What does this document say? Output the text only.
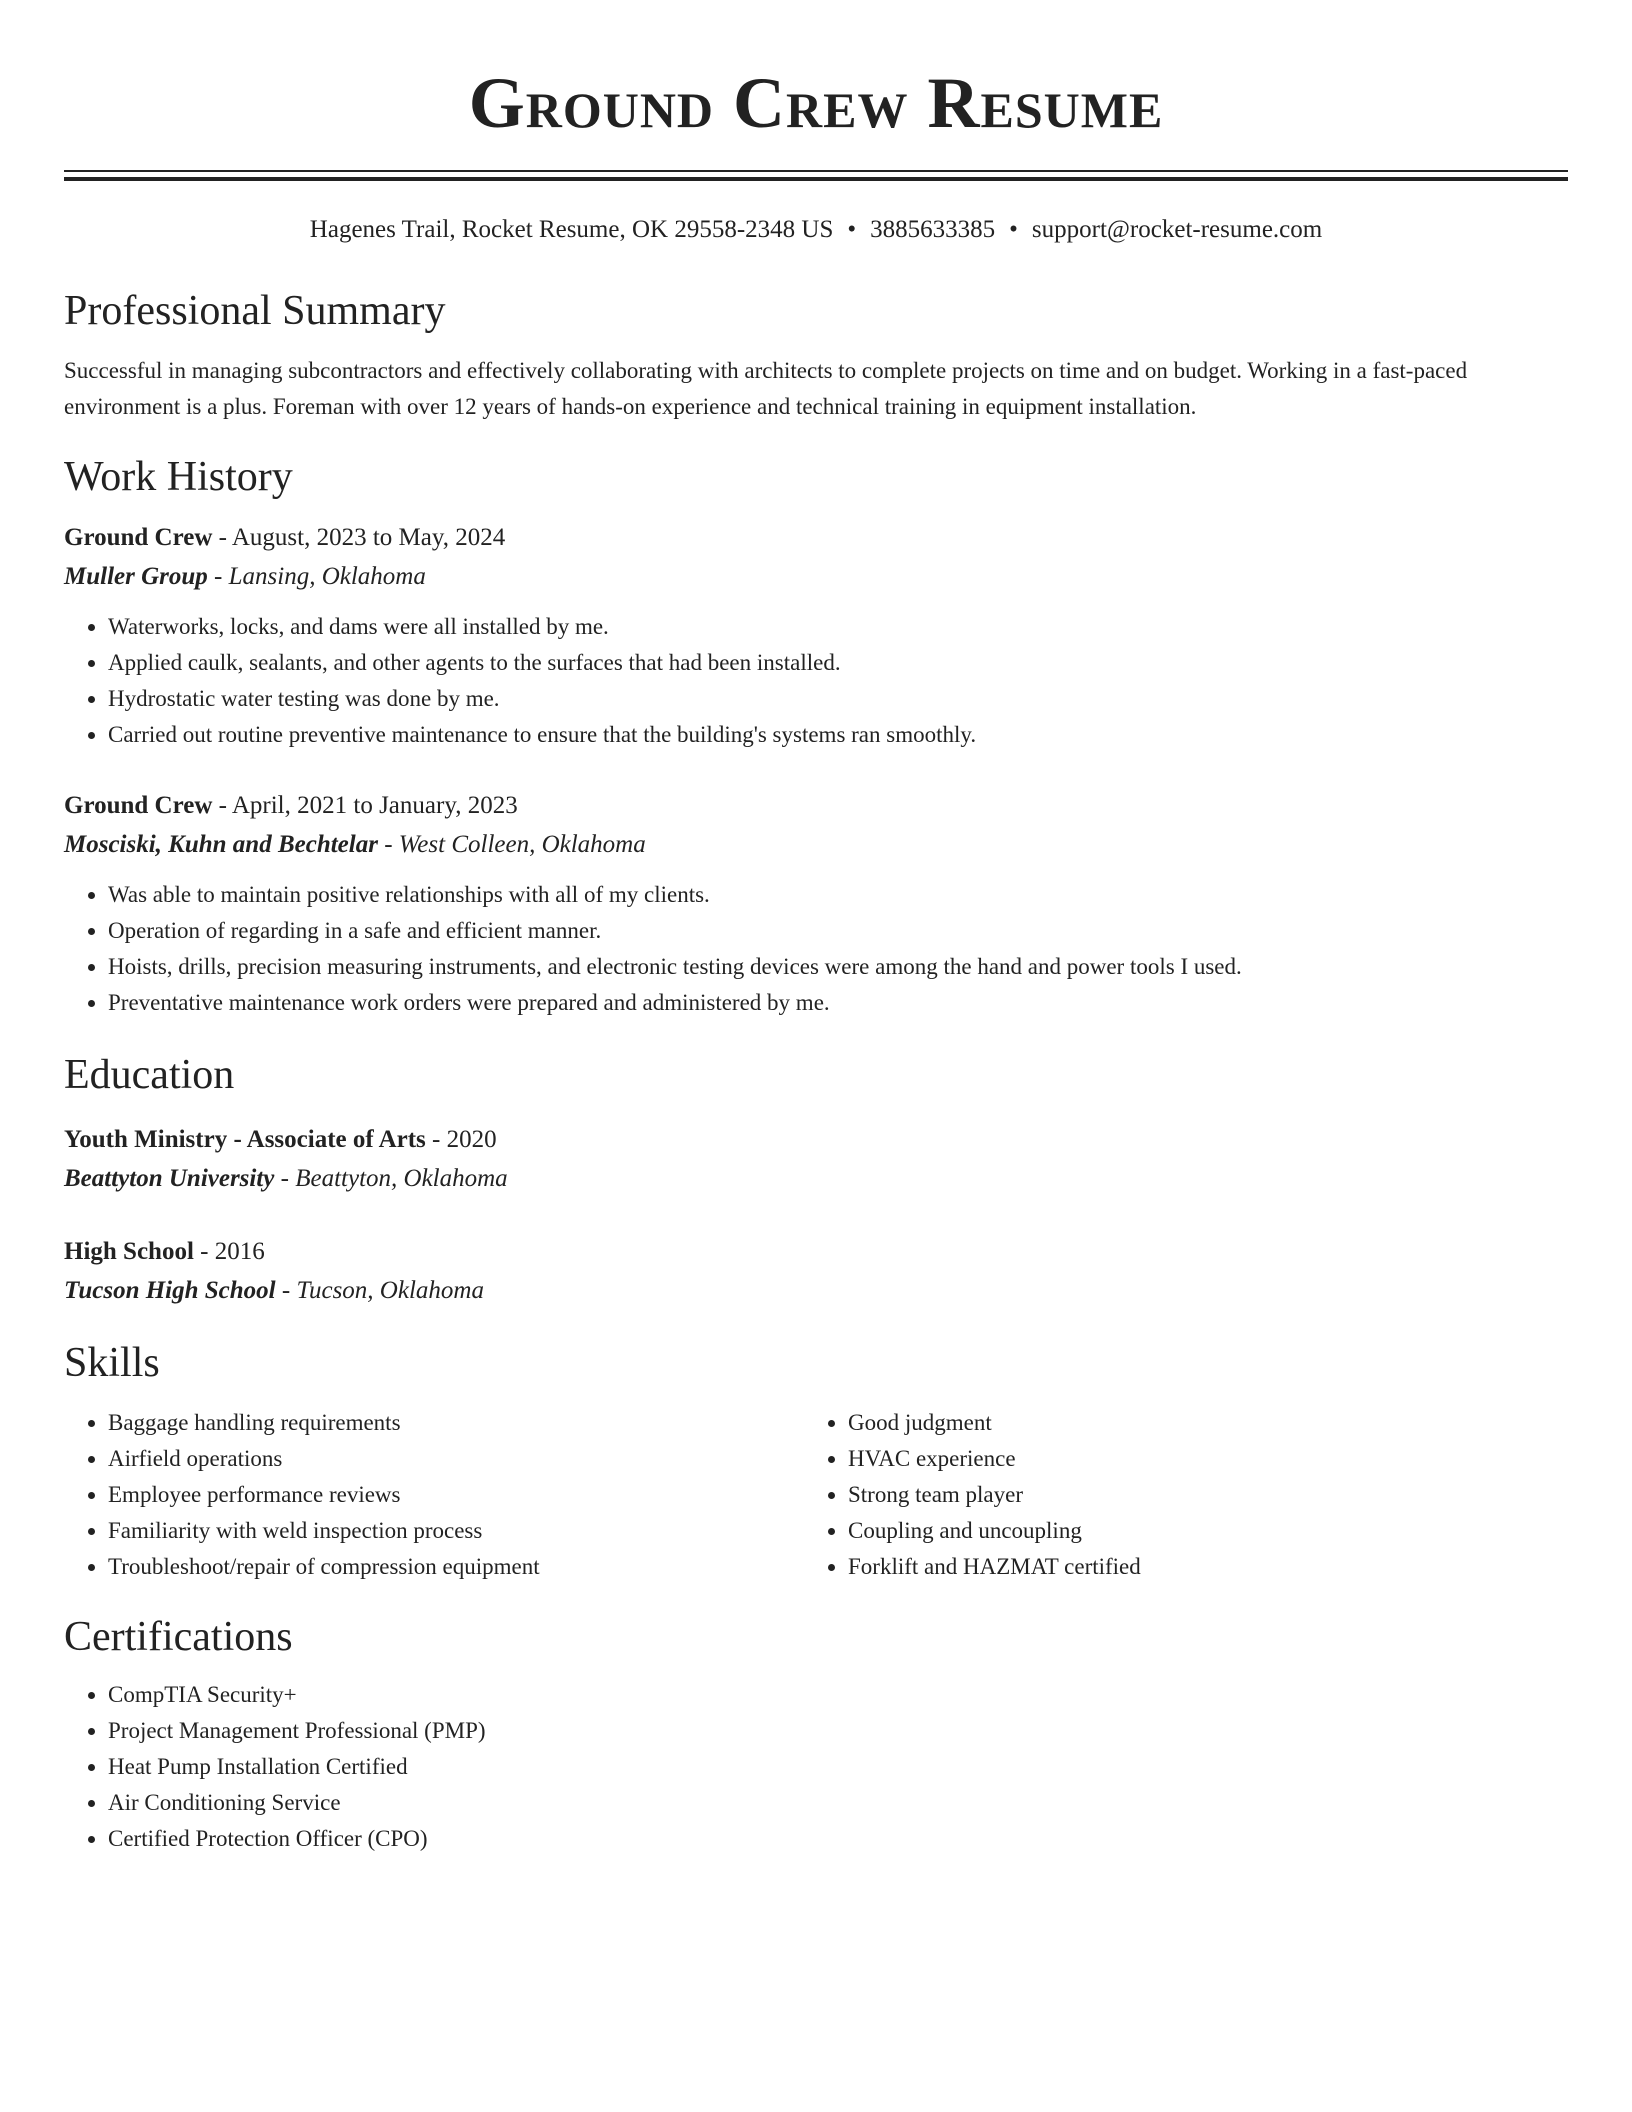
Ground Crew Resume
Hagenes Trail, Rocket Resume, OK 29558-2348 US • 3885633385 • support@rocket-resume.com
Professional Summary

Successful in managing subcontractors and effectively collaborating with architects to complete projects on time and on budget. Working in a fast-paced environment is a plus. Foreman with over 12 years of hands-on experience and technical training in equipment installation.

Work History
Ground Crew - August, 2023 to May, 2024
Muller Group - Lansing, Oklahoma
• Waterworks, locks, and dams were all installed by me.
• Applied caulk, sealants, and other agents to the surfaces that had been installed.
• Hydrostatic water testing was done by me.
• Carried out routine preventive maintenance to ensure that the building's systems ran smoothly.
Ground Crew - April, 2021 to January, 2023
Mosciski, Kuhn and Bechtelar - West Colleen, Oklahoma
• Was able to maintain positive relationships with all of my clients.
• Operation of regarding in a safe and efficient manner.
• Hoists, drills, precision measuring instruments, and electronic testing devices were among the hand and power tools I used.
• Preventative maintenance work orders were prepared and administered by me.
Education
Youth Ministry - Associate of Arts - 2020
Beattyton University - Beattyton, Oklahoma
High School - 2016
Tucson High School - Tucson, Oklahoma
Skills
• Baggage handling requirements
• Airfield operations
• Employee performance reviews
• Familiarity with weld inspection process
• Troubleshoot/repair of compression equipment
• Good judgment
• HVAC experience
• Strong team player
• Coupling and uncoupling
• Forklift and HAZMAT certified
Certifications
• CompTIA Security+
• Project Management Professional (PMP)
• Heat Pump Installation Certified
• Air Conditioning Service
• Certified Protection Officer (CPO)
